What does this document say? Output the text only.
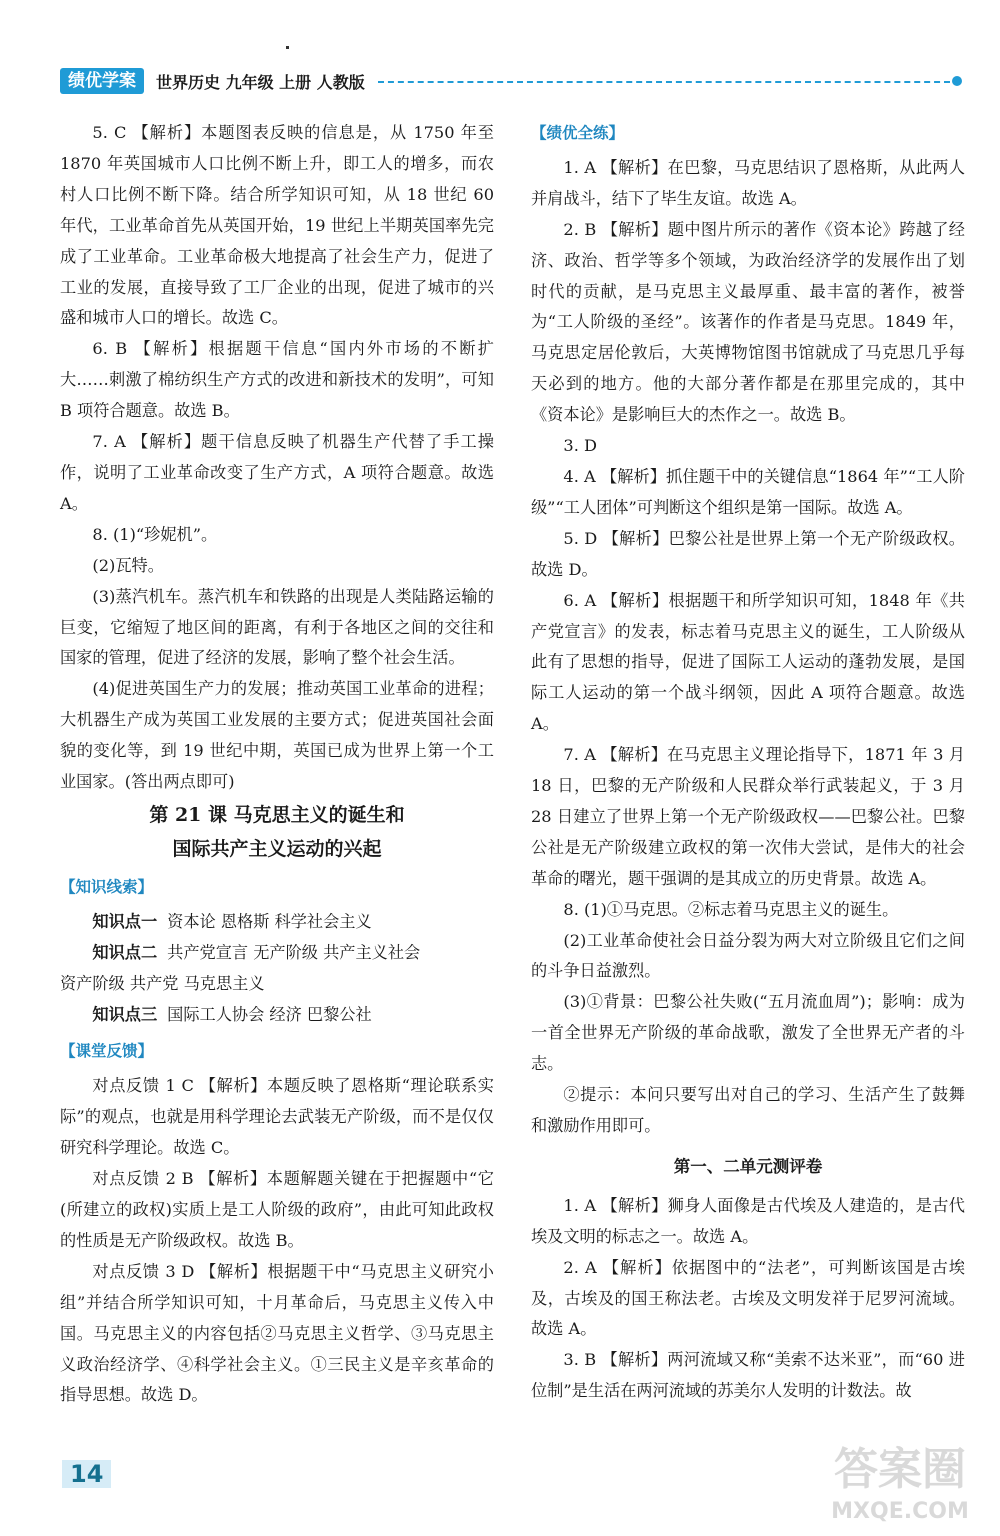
绩优学案	世界历史 九年级 上册 人教版

5. C 【解析】本题图表反映的信息是，从 1750 年至 1870 年英国城市人口比例不断上升，即工人的增多，而农村人口比例不断下降。结合所学知识可知，从 18 世纪 60 年代，工业革命首先从英国开始，19 世纪上半期英国率先完成了工业革命。工业革命极大地提高了社会生产力，促进了工业的发展，直接导致了工厂企业的出现，促进了城市的兴盛和城市人口的增长。故选 C。

6. B 【解析】根据题干信息“国内外市场的不断扩大……刺激了棉纺织生产方式的改进和新技术的发明”，可知 B 项符合题意。故选 B。

7. A 【解析】题干信息反映了机器生产代替了手工操作，说明了工业革命改变了生产方式，A 项符合题意。故选 A。

8. (1)“珍妮机”。

(2)瓦特。

(3)蒸汽机车。蒸汽机车和铁路的出现是人类陆路运输的巨变，它缩短了地区间的距离，有利于各地区之间的交往和国家的管理，促进了经济的发展，影响了整个社会生活。

(4)促进英国生产力的发展；推动英国工业革命的进程；大机器生产成为英国工业发展的主要方式；促进英国社会面貌的变化等，到 19 世纪中期，英国已成为世界上第一个工业国家。(答出两点即可)

第 21 课 马克思主义的诞生和
国际共产主义运动的兴起
【知识线索】
知识点一 资本论 恩格斯 科学社会主义
知识点二 共产党宣言 无产阶级 共产主义社会
资产阶级 共产党 马克思主义
知识点三 国际工人协会 经济 巴黎公社
【课堂反馈】

对点反馈 1 C 【解析】本题反映了恩格斯“理论联系实际”的观点，也就是用科学理论去武装无产阶级，而不是仅仅研究科学理论。故选 C。

对点反馈 2 B 【解析】本题解题关键在于把握题中“它(所建立的政权)实质上是工人阶级的政府”，由此可知此政权的性质是无产阶级政权。故选 B。

对点反馈 3 D 【解析】根据题干中“马克思主义研究小组”并结合所学知识可知，十月革命后，马克思主义传入中国。马克思主义的内容包括②马克思主义哲学、③马克思主义政治经济学、④科学社会主义。①三民主义是辛亥革命的指导思想。故选 D。

【绩优全练】

1. A 【解析】在巴黎，马克思结识了恩格斯，从此两人并肩战斗，结下了毕生友谊。故选 A。

2. B 【解析】题中图片所示的著作《资本论》跨越了经济、政治、哲学等多个领域，为政治经济学的发展作出了划时代的贡献，是马克思主义最厚重、最丰富的著作，被誉为“工人阶级的圣经”。该著作的作者是马克思。1849 年，马克思定居伦敦后，大英博物馆图书馆就成了马克思几乎每天必到的地方。他的大部分著作都是在那里完成的，其中《资本论》是影响巨大的杰作之一。故选 B。

3. D

4. A 【解析】抓住题干中的关键信息“1864 年”“工人阶级”“工人团体”可判断这个组织是第一国际。故选 A。

5. D 【解析】巴黎公社是世界上第一个无产阶级政权。故选 D。

6. A 【解析】根据题干和所学知识可知，1848 年《共产党宣言》的发表，标志着马克思主义的诞生，工人阶级从此有了思想的指导，促进了国际工人运动的蓬勃发展，是国际工人运动的第一个战斗纲领，因此 A 项符合题意。故选 A。

7. A 【解析】在马克思主义理论指导下，1871 年 3 月 18 日，巴黎的无产阶级和人民群众举行武装起义，于 3 月 28 日建立了世界上第一个无产阶级政权——巴黎公社。巴黎公社是无产阶级建立政权的第一次伟大尝试，是伟大的社会革命的曙光，题干强调的是其成立的历史背景。故选 A。

8. (1)①马克思。②标志着马克思主义的诞生。

(2)工业革命使社会日益分裂为两大对立阶级且它们之间的斗争日益激烈。

(3)①背景：巴黎公社失败(“五月流血周”)；影响：成为一首全世界无产阶级的革命战歌，激发了全世界无产者的斗志。

②提示：本问只要写出对自己的学习、生活产生了鼓舞和激励作用即可。

第一、二单元测评卷

1. A 【解析】狮身人面像是古代埃及人建造的，是古代埃及文明的标志之一。故选 A。

2. A 【解析】依据图中的“法老”，可判断该国是古埃及，古埃及的国王称法老。古埃及文明发祥于尼罗河流域。故选 A。

3. B 【解析】两河流域又称“美索不达米亚”，而“60 进位制”是生活在两河流域的苏美尔人发明的计数法。故

14	答案圈
MXQE.COM
